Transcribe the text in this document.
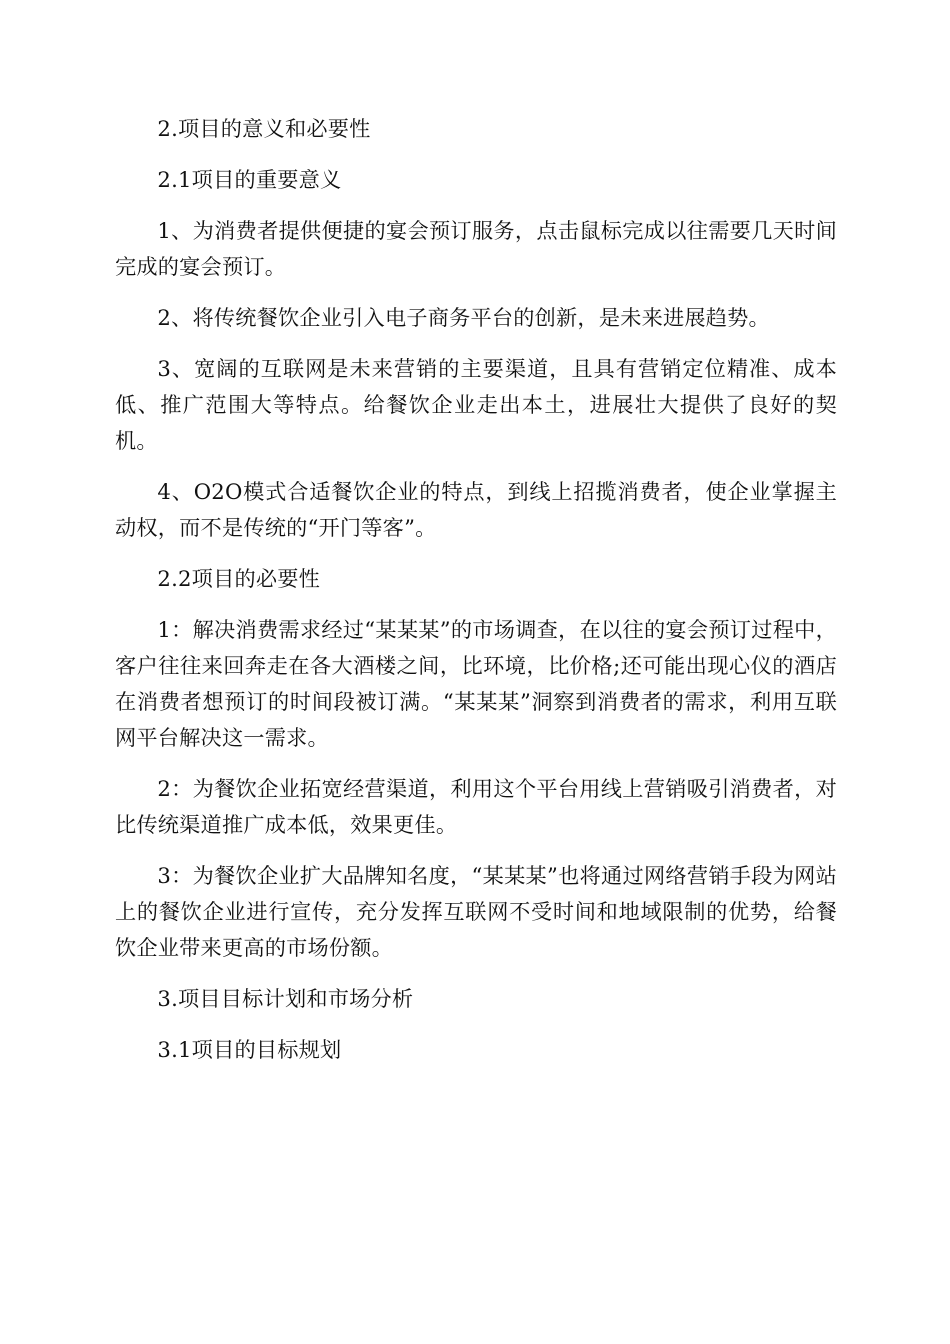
2.项目的意义和必要性

2.1项目的重要意义

1、为消费者提供便捷的宴会预订服务，点击鼠标完成以往需要几天时间完成的宴会预订。

2、将传统餐饮企业引入电子商务平台的创新，是未来进展趋势。

3、宽阔的互联网是未来营销的主要渠道，且具有营销定位精准、成本低、推广范围大等特点。给餐饮企业走出本土，进展壮大提供了良好的契机。

4、O2O模式合适餐饮企业的特点，到线上招揽消费者，使企业掌握主动权，而不是传统的“开门等客”。

2.2项目的必要性

1：解决消费需求经过“某某某”的市场调查，在以往的宴会预订过程中，客户往往来回奔走在各大酒楼之间，比环境，比价格;还可能出现心仪的酒店在消费者想预订的时间段被订满。“某某某”洞察到消费者的需求，利用互联网平台解决这一需求。

2：为餐饮企业拓宽经营渠道，利用这个平台用线上营销吸引消费者，对比传统渠道推广成本低，效果更佳。

3：为餐饮企业扩大品牌知名度，“某某某”也将通过网络营销手段为网站上的餐饮企业进行宣传，充分发挥互联网不受时间和地域限制的优势，给餐饮企业带来更高的市场份额。

3.项目目标计划和市场分析

3.1项目的目标规划
